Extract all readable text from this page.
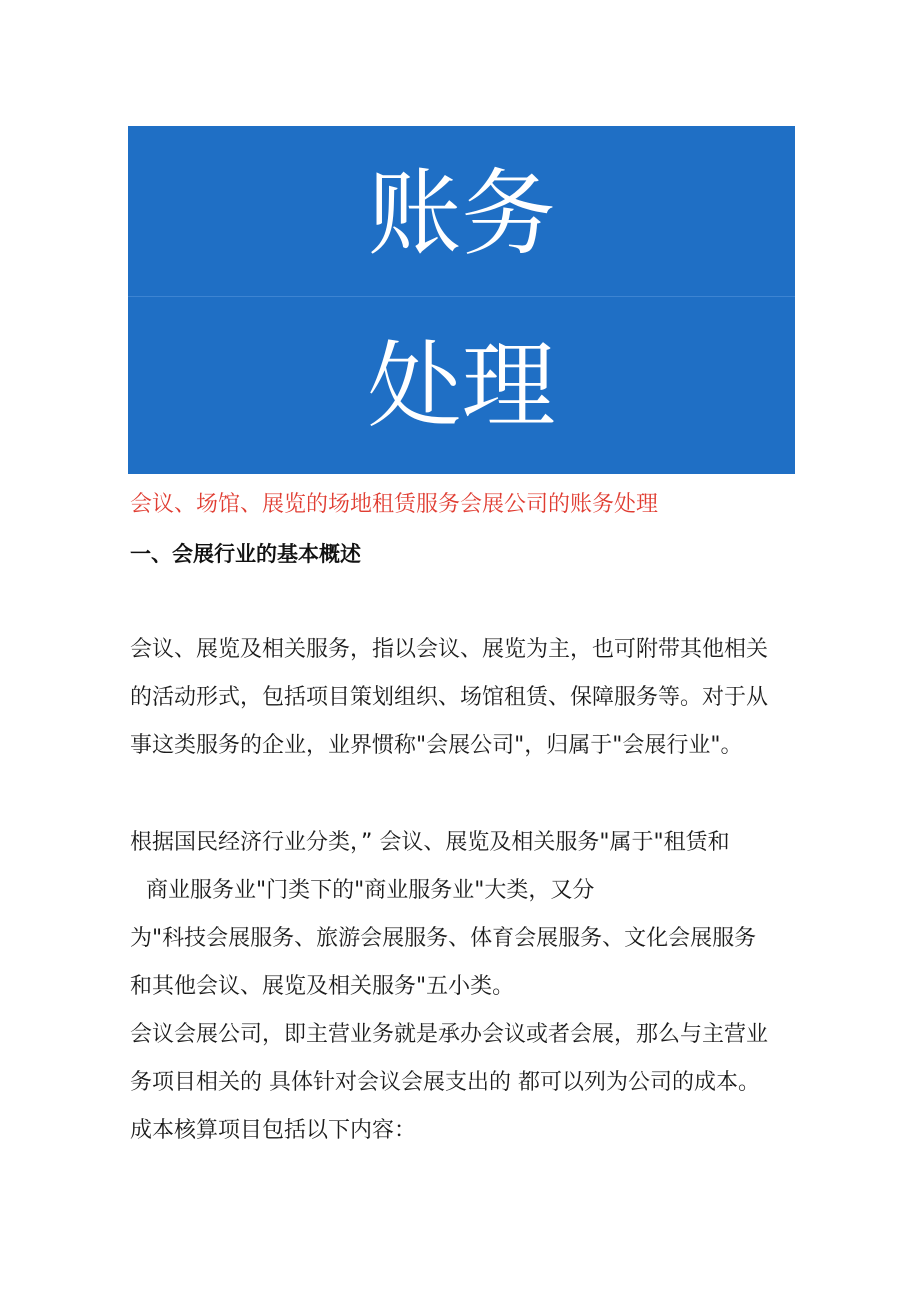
账务
处理
会议、场馆、展览的场地租赁服务会展公司的账务处理
一、会展行业的基本概述
会议、展览及相关服务，指以会议、展览为主，也可附带其他相关
的活动形式，包括项目策划组织、场馆租赁、保障服务等。对于从
事这类服务的企业，业界惯称"会展公司"，归属于"会展行业"。
根据国民经济行业分类，” 会议、展览及相关服务"属于"租赁和
商业服务业"门类下的"商业服务业"大类，又分
为"科技会展服务、旅游会展服务、体育会展服务、文化会展服务
和其他会议、展览及相关服务"五小类。
会议会展公司，即主营业务就是承办会议或者会展，那么与主营业
务项目相关的 具体针对会议会展支出的 都可以列为公司的成本。
成本核算项目包括以下内容：
